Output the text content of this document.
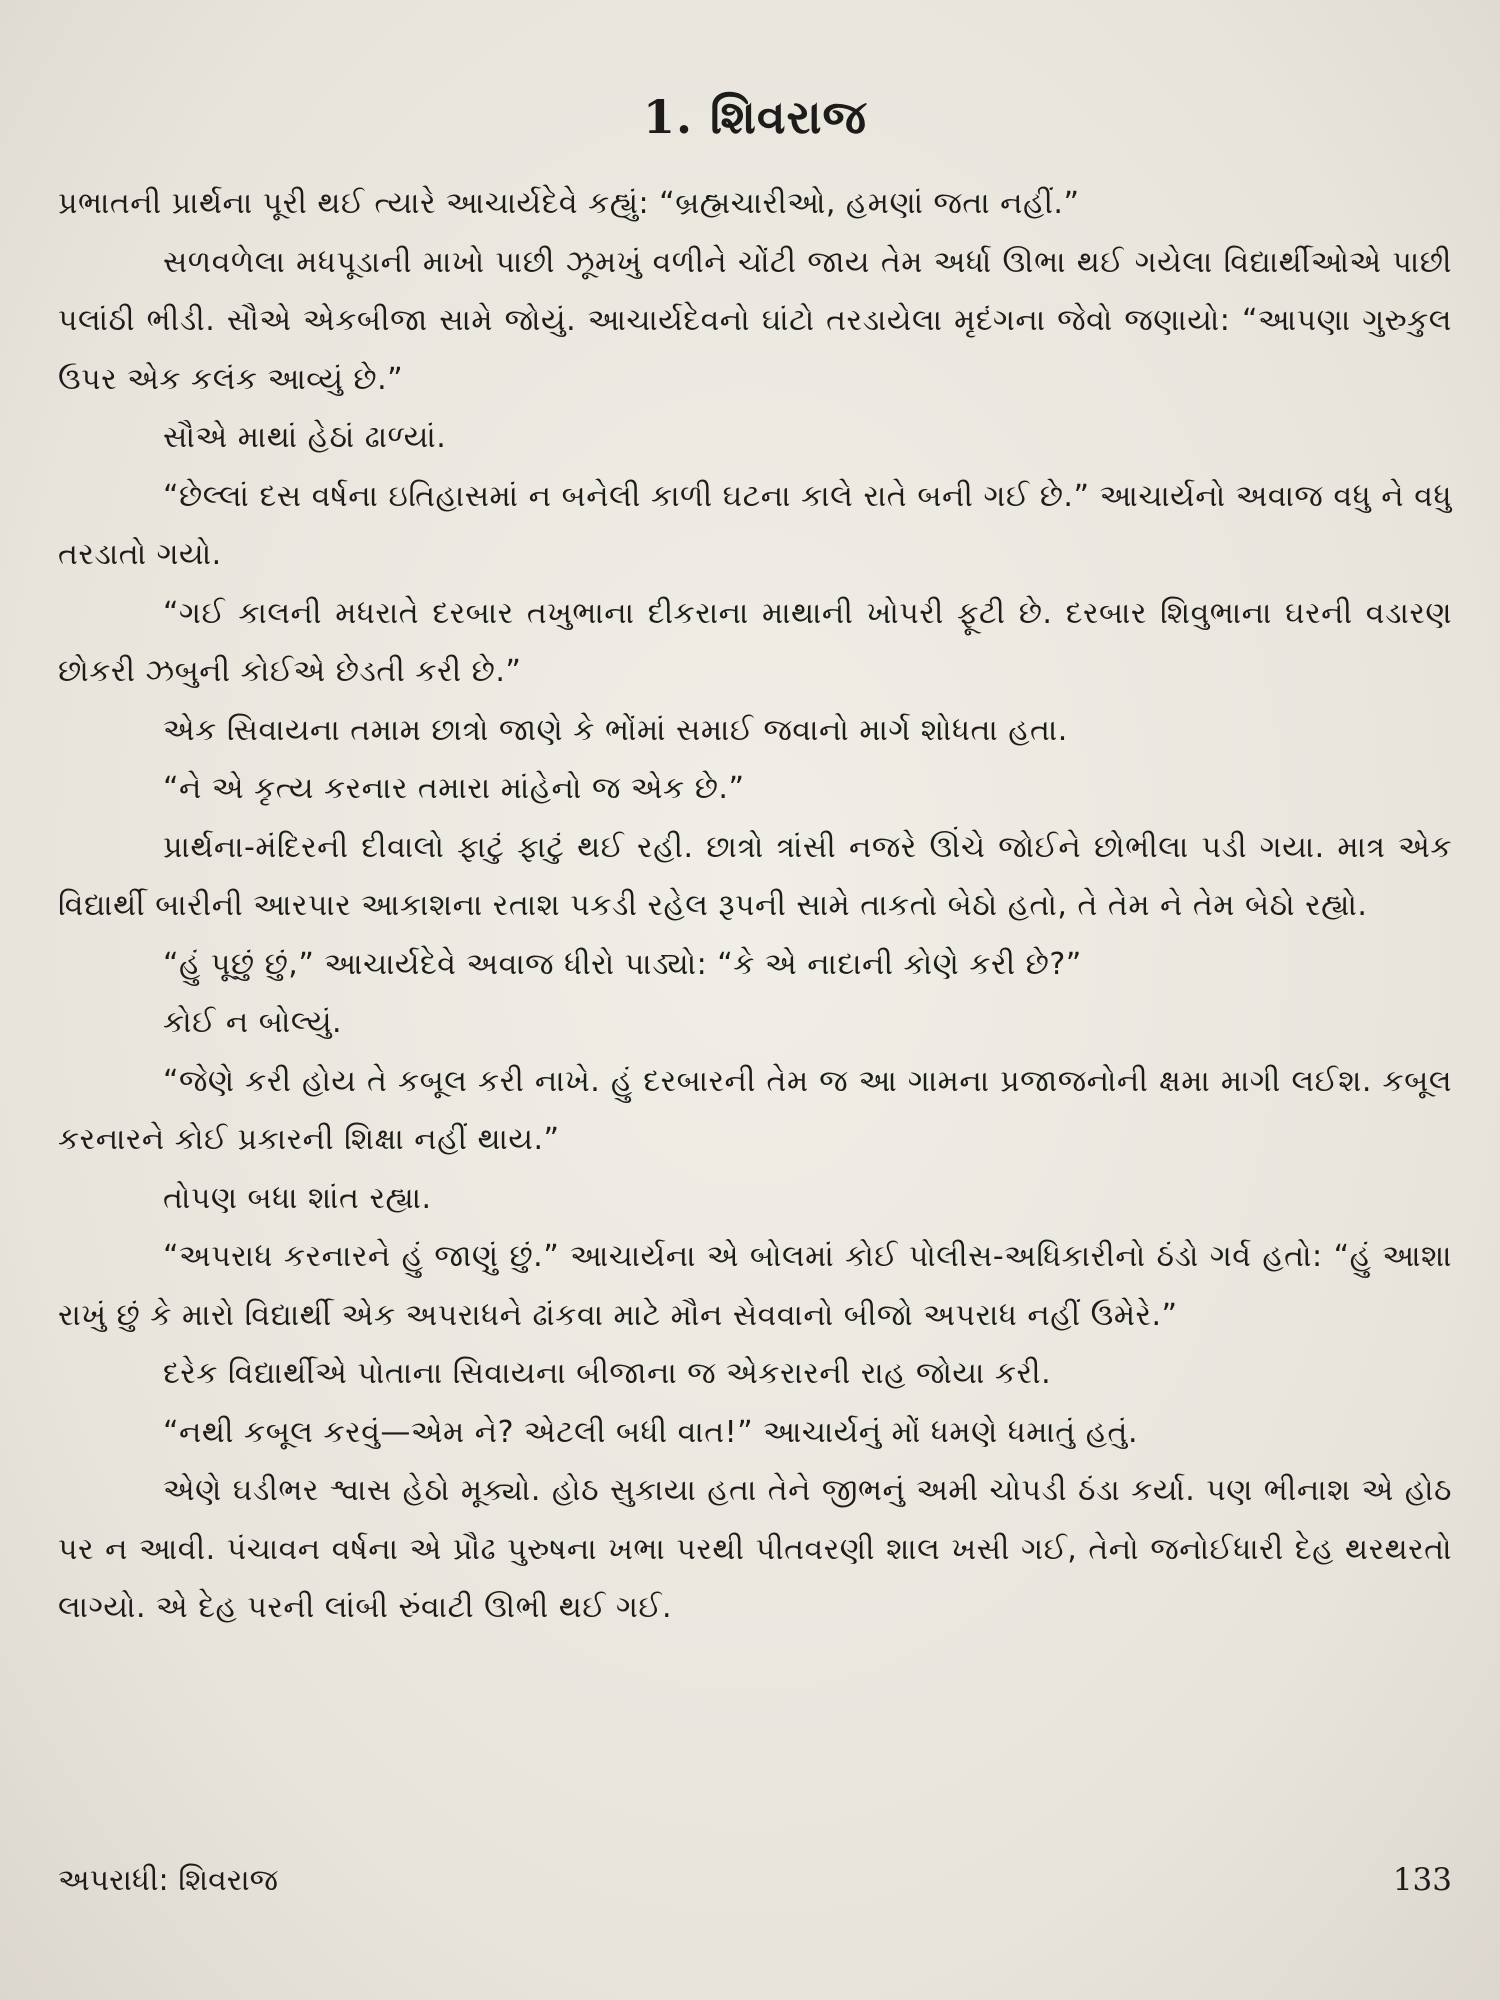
1. શિવરાજ

પ્રભાતની પ્રાર્થના પૂરી થઈ ત્યારે આચાર્યદેવે કહ્યું: “બ્રહ્મચારીઓ, હમણાં જતા નહીં.”

સળવળેલા મધપૂડાની માખો પાછી ઝૂમખું વળીને ચોંટી જાય તેમ અર્ધા ઊભા થઈ ગયેલા વિદ્યાર્થીઓએ પાછી પલાંઠી ભીડી. સૌએ એકબીજા સામે જોયું. આચાર્યદેવનો ઘાંટો તરડાયેલા મૃદંગના જેવો જણાયો: “આપણા ગુરુકુલ ઉપર એક કલંક આવ્યું છે.”

સૌએ માથાં હેઠાં ઢાળ્યાં.

“છેલ્લાં દસ વર્ષના ઇતિહાસમાં ન બનેલી કાળી ઘટના કાલે રાતે બની ગઈ છે.” આચાર્યનો અવાજ વધુ ને વધુ તરડાતો ગયો.

“ગઈ કાલની મધરાતે દરબાર તખુભાના દીકરાના માથાની ખોપરી ફૂટી છે. દરબાર શિવુભાના ઘરની વડારણ છોકરી ઝબુની કોઈએ છેડતી કરી છે.”

એક સિવાયના તમામ છાત્રો જાણે કે ભોંમાં સમાઈ જવાનો માર્ગ શોધતા હતા.

“ને એ કૃત્ય કરનાર તમારા માંહેનો જ એક છે.”

પ્રાર્થના-મંદિરની દીવાલો ફાટું ફાટું થઈ રહી. છાત્રો ત્રાંસી નજરે ઊંચે જોઈને છોભીલા પડી ગયા. માત્ર એક વિદ્યાર્થી બારીની આરપાર આકાશના રતાશ પકડી રહેલ રૂપની સામે તાકતો બેઠો હતો, તે તેમ ને તેમ બેઠો રહ્યો.

“હું પૂછું છું,” આચાર્યદેવે અવાજ ધીરો પાડ્યો: “કે એ નાદાની કોણે કરી છે?”

કોઈ ન બોલ્યું.

“જેણે કરી હોય તે કબૂલ કરી નાખે. હું દરબારની તેમ જ આ ગામના પ્રજાજનોની ક્ષમા માગી લઈશ. કબૂલ કરનારને કોઈ પ્રકારની શિક્ષા નહીં થાય.”

તોપણ બધા શાંત રહ્યા.

“અપરાધ કરનારને હું જાણું છું.” આચાર્યના એ બોલમાં કોઈ પોલીસ-અધિકારીનો ઠંડો ગર્વ હતો: “હું આશા રાખું છું કે મારો વિદ્યાર્થી એક અપરાધને ઢાંકવા માટે મૌન સેવવાનો બીજો અપરાધ નહીં ઉમેરે.”

દરેક વિદ્યાર્થીએ પોતાના સિવાયના બીજાના જ એકરારની રાહ જોયા કરી.

“નથી કબૂલ કરવું—એમ ને? એટલી બધી વાત!” આચાર્યનું મોં ધમણે ધમાતું હતું.

એણે ઘડીભર શ્વાસ હેઠો મૂક્યો. હોઠ સુકાયા હતા તેને જીભનું અમી ચોપડી ઠંડા કર્યા. પણ ભીનાશ એ હોઠ પર ન આવી. પંચાવન વર્ષના એ પ્રૌઢ પુરુષના ખભા પરથી પીતવરણી શાલ ખસી ગઈ, તેનો જનોઈધારી દેહ થરથરતો લાગ્યો. એ દેહ પરની લાંબી રુંવાટી ઊભી થઈ ગઈ.

અપરાધી: શિવરાજ	133
